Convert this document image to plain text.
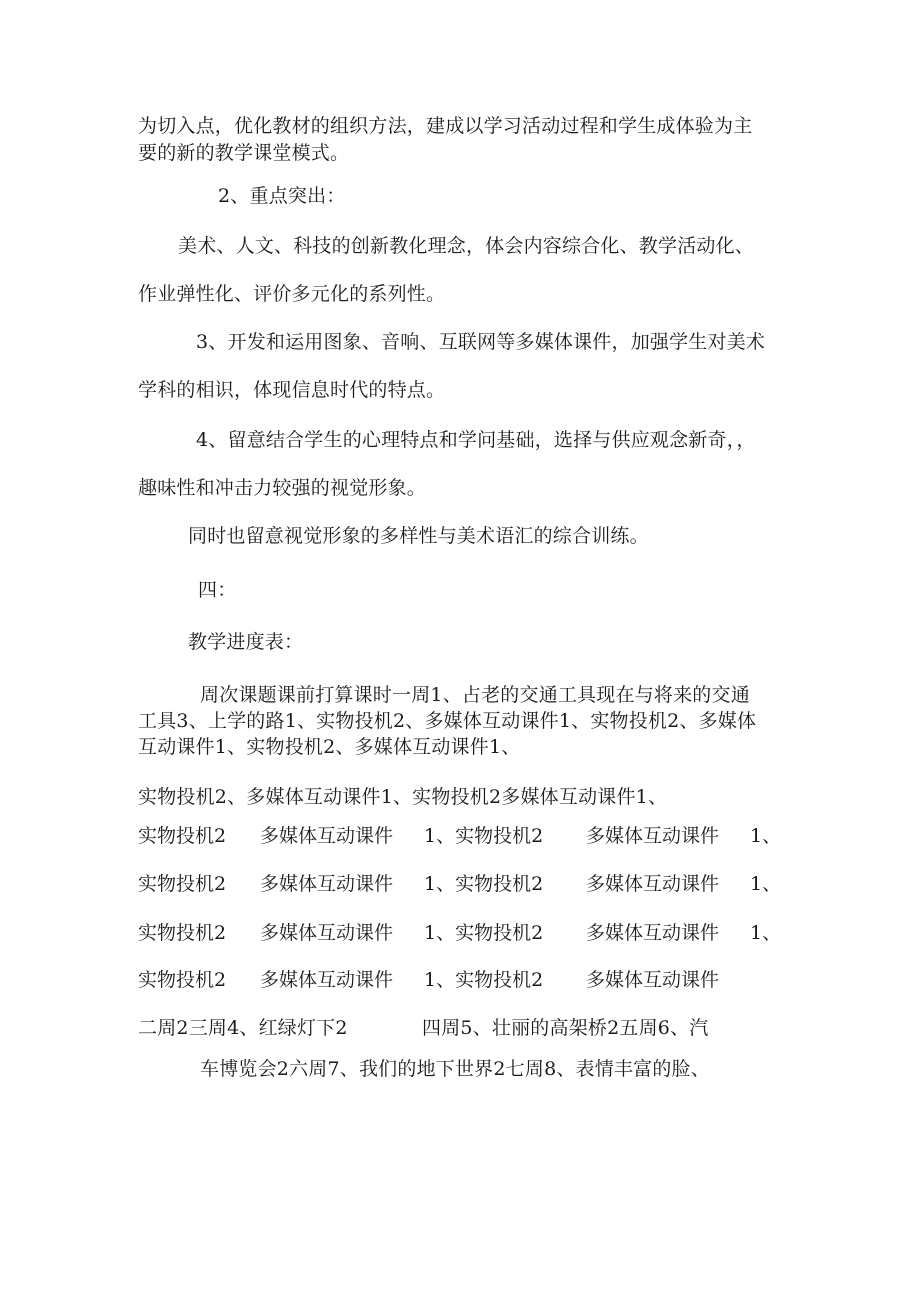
为切入点，优化教材的组织方法，建成以学习活动过程和学生成体验为主
要的新的教学课堂模式。
2、重点突出：
美术、人文、科技的创新教化理念，体会内容综合化、教学活动化、
作业弹性化、评价多元化的系列性。
3、开发和运用图象、音响、互联网等多媒体课件，加强学生对美术
学科的相识，体现信息时代的特点。
4、留意结合学生的心理特点和学问基础，选择与供应观念新奇，，
趣味性和冲击力较强的视觉形象。
同时也留意视觉形象的多样性与美术语汇的综合训练。
四：
教学进度表：
周次课题课前打算课时一周1、占老的交通工具现在与将来的交通
工具3、上学的路1、实物投机2、多媒体互动课件1、实物投机2、多媒体
互动课件1、实物投机2、多媒体互动课件1、
实物投机2、多媒体互动课件1、实物投机2多媒体互动课件1、
实物投机2 多媒体互动课件 1、实物投机2 多媒体互动课件 1、
实物投机2 多媒体互动课件 1、实物投机2 多媒体互动课件 1、
实物投机2 多媒体互动课件 1、实物投机2 多媒体互动课件 1、
实物投机2 多媒体互动课件 1、实物投机2 多媒体互动课件
二周2三周4、红绿灯下2	四周5、壮丽的高架桥2五周6、汽
车博览会2六周7、我们的地下世界2七周8、表情丰富的脸、
